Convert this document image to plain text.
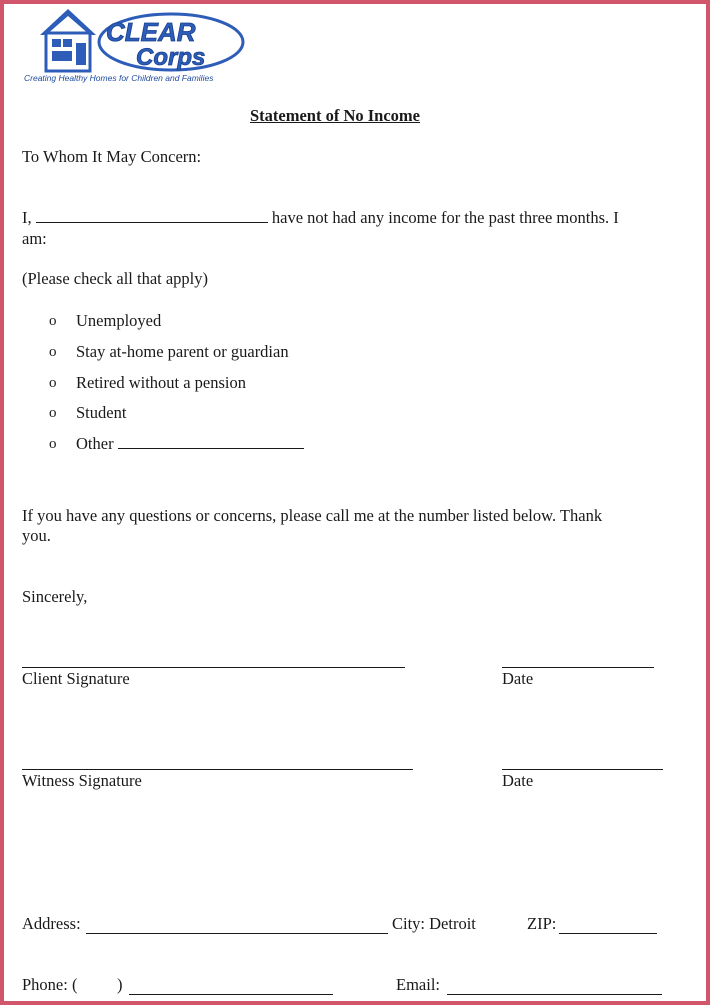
CLEAR
Corps
Creating Healthy Homes for Children and Families
Statement of No Income
To Whom It May Concern:
I,	have not had any income for the past three months. I
am:
(Please check all that apply)
o Unemployed
o Stay at-home parent or guardian
o Retired without a pension
o Student
o Other
If you have any questions or concerns, please call me at the number listed below. Thank
you.
Sincerely,
Client Signature	Date
Witness Signature	Date
Address:	City: Detroit	ZIP:
Phone: ( )	Email:
